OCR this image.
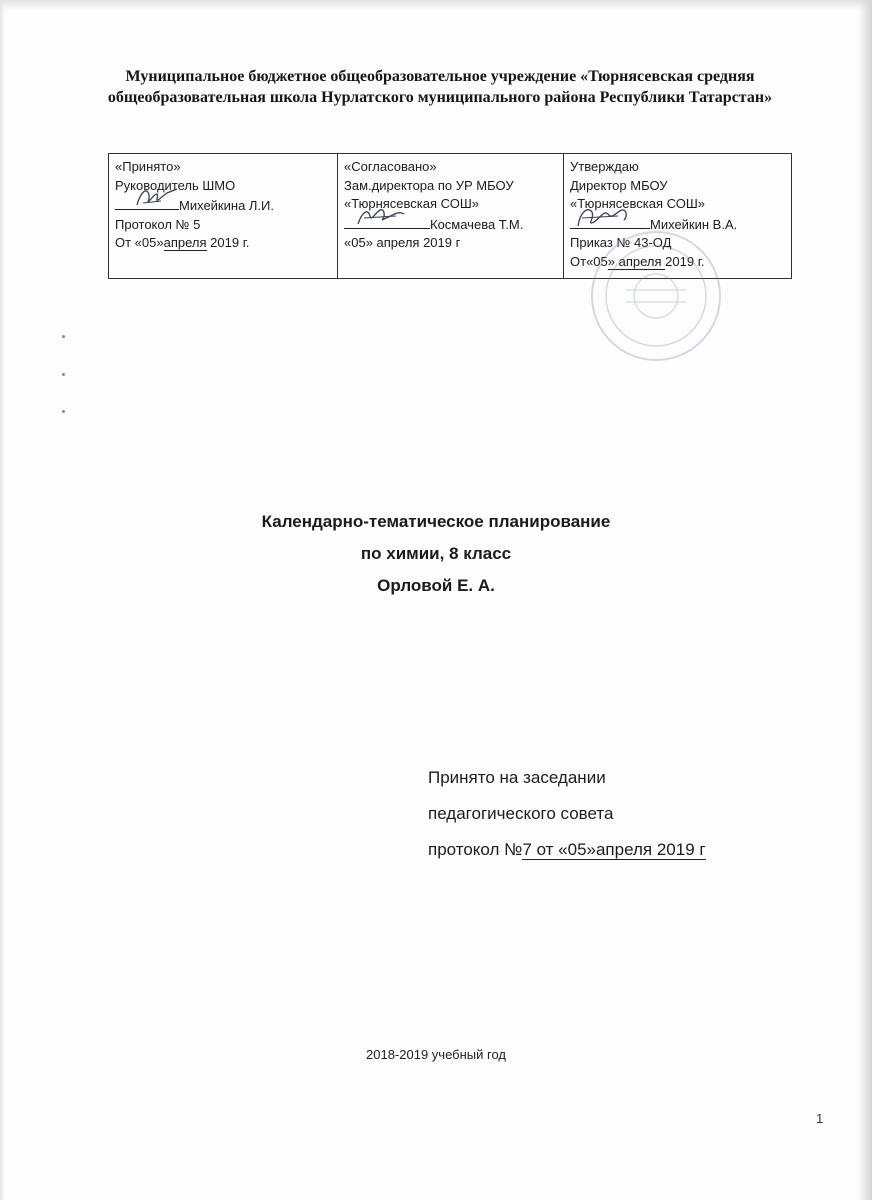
Муниципальное бюджетное общеобразовательное учреждение «Тюрнясевская средняя
общеобразовательная школа Нурлатского муниципального района Республики Татарстан»
«Принято»
Руководитель ШМО
Михейкина Л.И.
Протокол № 5
От «05»апреля 2019 г.

«Согласовано»
Зам.директора по УР МБОУ
«Тюрнясевская СОШ»
Космачева Т.М.
«05» апреля 2019 г

Утверждаю
Директор МБОУ
«Тюрнясевская СОШ»
Михейкин В.А.
Приказ № 43-ОД
От«05» апреля 2019 г.
Календарно-тематическое планирование
по химии, 8 класс
Орловой Е. А.
Принято на заседании
педагогического совета
протокол №7 от «05»апреля 2019 г
2018-2019 учебный год
1
